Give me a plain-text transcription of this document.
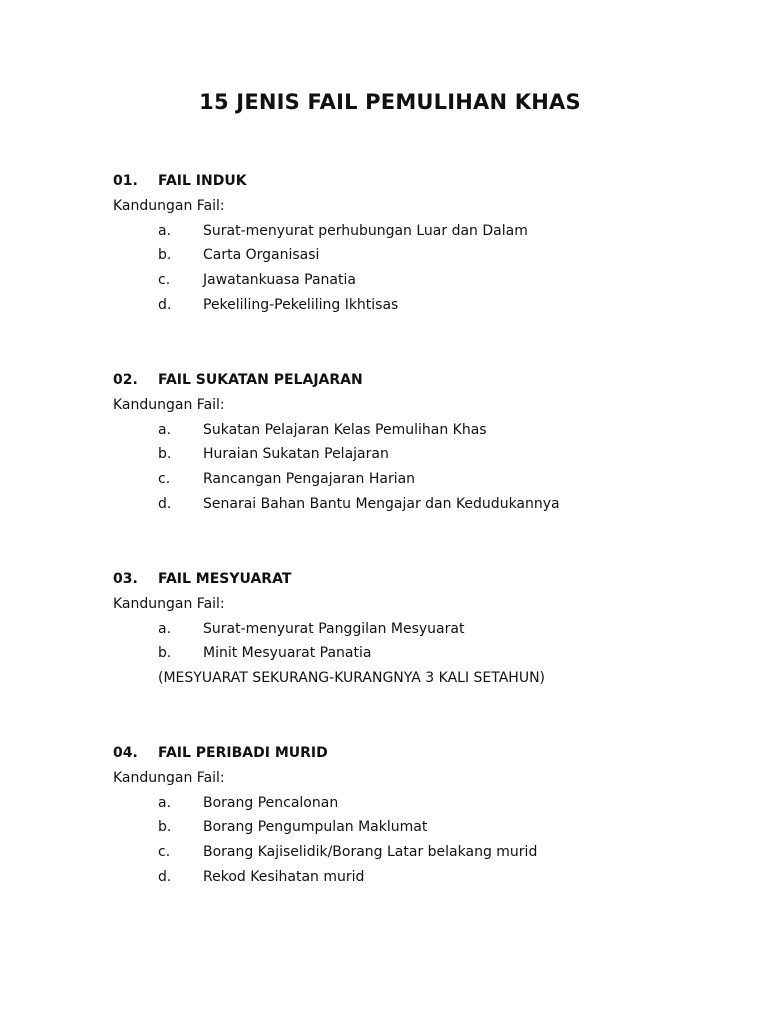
15 JENIS FAIL PEMULIHAN KHAS
01. FAIL INDUK
Kandungan Fail:
a. Surat-menyurat perhubungan Luar dan Dalam
b. Carta Organisasi
c. Jawatankuasa Panatia
d. Pekeliling-Pekeliling Ikhtisas
02. FAIL SUKATAN PELAJARAN
Kandungan Fail:
a. Sukatan Pelajaran Kelas Pemulihan Khas
b. Huraian Sukatan Pelajaran
c. Rancangan Pengajaran Harian
d. Senarai Bahan Bantu Mengajar dan Kedudukannya
03. FAIL MESYUARAT
Kandungan Fail:
a. Surat-menyurat Panggilan Mesyuarat
b. Minit Mesyuarat Panatia
(MESYUARAT SEKURANG-KURANGNYA 3 KALI SETAHUN)
04. FAIL PERIBADI MURID
Kandungan Fail:
a. Borang Pencalonan
b. Borang Pengumpulan Maklumat
c. Borang Kajiselidik/Borang Latar belakang murid
d. Rekod Kesihatan murid
